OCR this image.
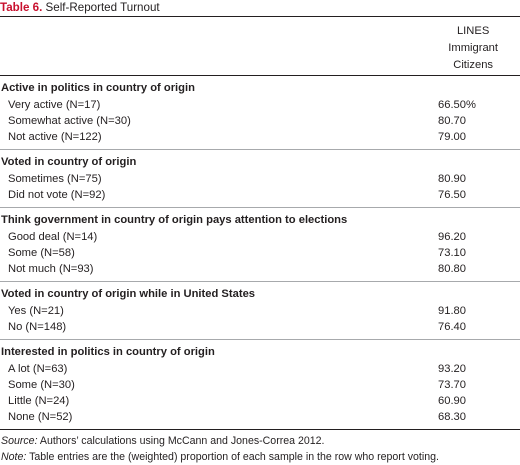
Table 6. Self-Reported Turnout
LINES
Immigrant
Citizens
Active in politics in country of origin
Very active (N=17)	66.50%
Somewhat active (N=30)	80.70
Not active (N=122)	79.00
Voted in country of origin
Sometimes (N=75)	80.90
Did not vote (N=92)	76.50
Think government in country of origin pays attention to elections
Good deal (N=14)	96.20
Some (N=58)	73.10
Not much (N=93)	80.80
Voted in country of origin while in United States
Yes (N=21)	91.80
No (N=148)	76.40
Interested in politics in country of origin
A lot (N=63)	93.20
Some (N=30)	73.70
Little (N=24)	60.90
None (N=52)	68.30
Source: Authors’ calculations using McCann and Jones-Correa 2012.
Note: Table entries are the (weighted) proportion of each sample in the row who report voting.
